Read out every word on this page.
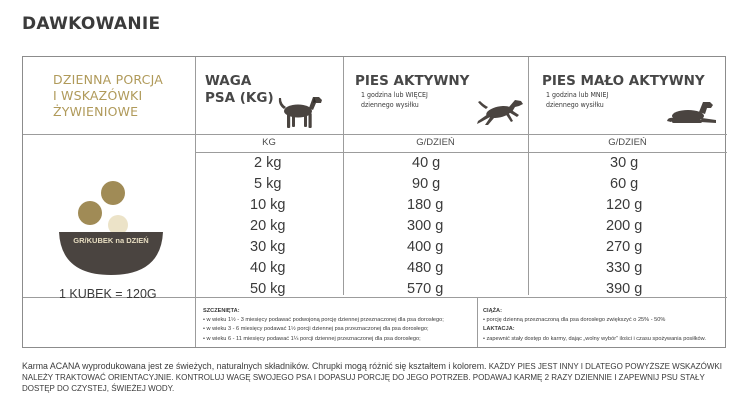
DAWKOWANIE
DZIENNA PORCJA
I WSKAZÓWKI
ŻYWIENIOWE
WAGA
PSA (KG)
PIES AKTYWNY
1 godzina lub WIĘCEJ
dziennego wysiłku
PIES MAŁO AKTYWNY
1 godzina lub MNIEJ
dziennego wysiłku
KG	G/DZIEŃ	G/DZIEŃ
2 kg	40 g	30 g
5 kg	90 g	60 g
10 kg	180 g	120 g
20 kg	300 g	200 g
30 kg	400 g	270 g
40 kg	480 g	330 g
50 kg	570 g	390 g
GR/KUBEK na DZIEŃ
1 KUBEK = 120G
SZCZENIĘTA:
• w wieku 1½ - 3 miesięcy podawać podwojoną porcję dziennej przeznaczonej dla psa dorosłego;
• w wieku 3 - 6 miesięcy podawać 1½ porcji dziennej psa przeznaczonej dla psa dorosłego;
• w wieku 6 - 11 miesięcy podawać 1¼ porcji dziennej przeznaczonej dla psa dorosłego;
CIĄŻA:
• porcję dzienną przeznaczoną dla psa dorosłego zwiększyć o 25% - 50%
LAKTACJA:
• zapewnić stały dostęp do karmy, dając „wolny wybór” ilości i czasu spożywania posiłków.
Karma ACANA wyprodukowana jest ze świeżych, naturalnych składników. Chrupki mogą różnić się kształtem i kolorem. KAŻDY PIES JEST INNY I DLATEGO POWYŻSZE WSKAZÓWKI NALEŻY TRAKTOWAĆ ORIENTACYJNIE. KONTROLUJ WAGĘ SWOJEGO PSA I DOPASUJ PORCJĘ DO JEGO POTRZEB. PODAWAJ KARMĘ 2 RAZY DZIENNIE I ZAPEWNIJ PSU STAŁY DOSTĘP DO CZYSTEJ, ŚWIEŻEJ WODY.
